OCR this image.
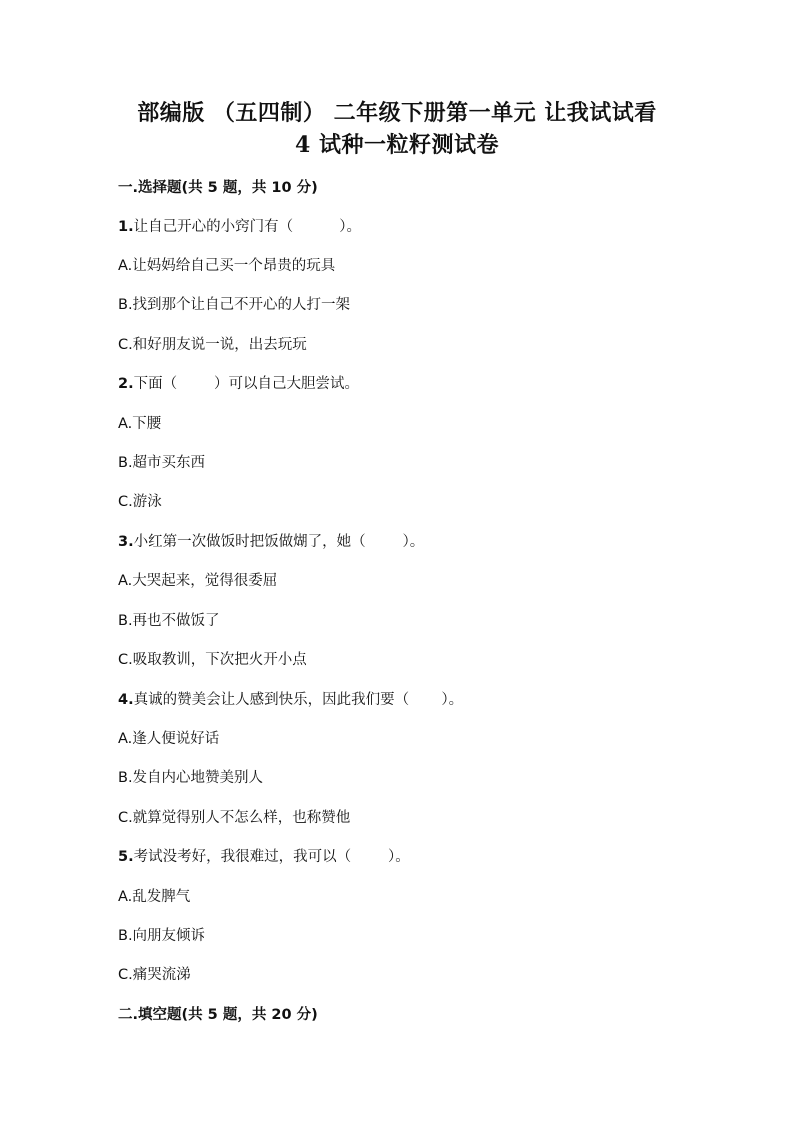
部编版 （五四制） 二年级下册第一单元 让我试试看
4 试种一粒籽测试卷
一.选择题(共 5 题，共 10 分)
1.让自己开心的小窍门有（          ）。
A.让妈妈给自己买一个昂贵的玩具
B.找到那个让自己不开心的人打一架
C.和好朋友说一说，出去玩玩
2.下面（        ）可以自己大胆尝试。
A.下腰
B.超市买东西
C.游泳
3.小红第一次做饭时把饭做煳了，她（        ）。
A.大哭起来，觉得很委屈
B.再也不做饭了
C.吸取教训，下次把火开小点
4.真诚的赞美会让人感到快乐，因此我们要（       ）。
A.逢人便说好话
B.发自内心地赞美别人
C.就算觉得别人不怎么样，也称赞他
5.考试没考好，我很难过，我可以（        ）。
A.乱发脾气
B.向朋友倾诉
C.痛哭流涕
二.填空题(共 5 题，共 20 分)
